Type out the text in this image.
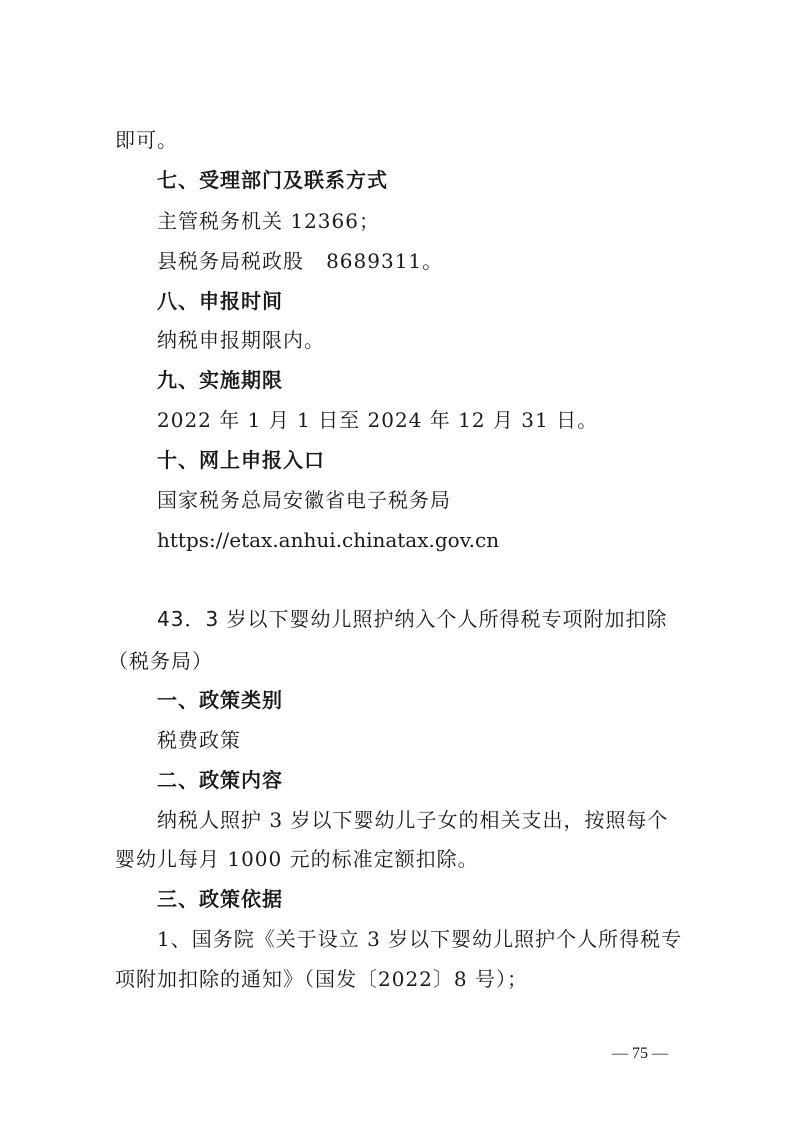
即可。
七、受理部门及联系方式
主管税务机关 12366；
县税务局税政股   8689311。
八、申报时间
纳税申报期限内。
九、实施期限
2022 年 1 月 1 日至 2024 年 12 月 31 日。
十、网上申报入口
国家税务总局安徽省电子税务局
https://etax.anhui.chinatax.gov.cn
43．3 岁以下婴幼儿照护纳入个人所得税专项附加扣除
（税务局）
一、政策类别
税费政策
二、政策内容
纳税人照护 3 岁以下婴幼儿子女的相关支出，按照每个
婴幼儿每月 1000 元的标准定额扣除。
三、政策依据
1、国务院《关于设立 3 岁以下婴幼儿照护个人所得税专
项附加扣除的通知》（国发〔2022〕8 号）；
— 75 —
